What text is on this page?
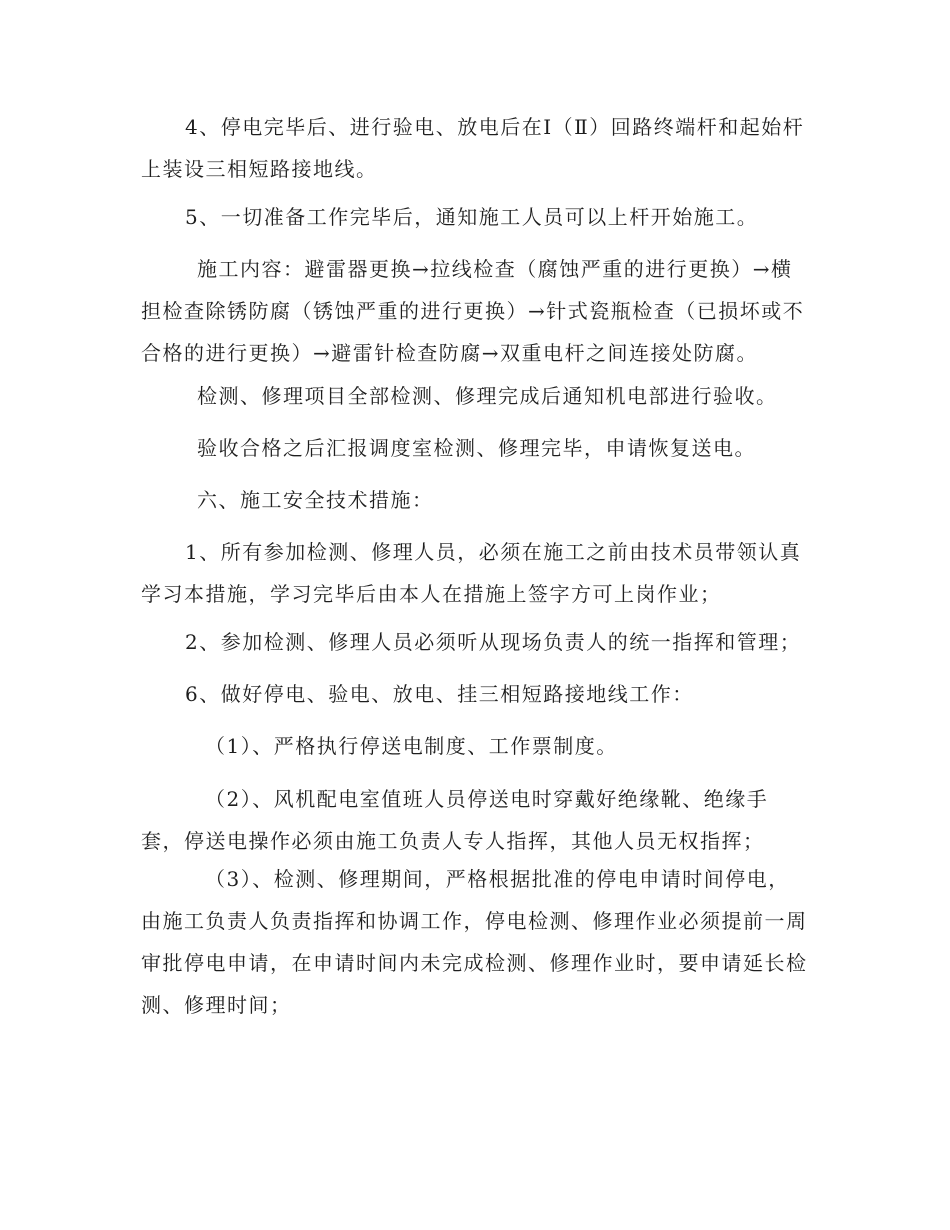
4、停电完毕后、进行验电、放电后在Ⅰ（Ⅱ）回路终端杆和起始杆上装设三相短路接地线。

5、一切准备工作完毕后，通知施工人员可以上杆开始施工。

施工内容：避雷器更换→拉线检查（腐蚀严重的进行更换）→横担检查除锈防腐（锈蚀严重的进行更换）→针式瓷瓶检查（已损坏或不合格的进行更换）→避雷针检查防腐→双重电杆之间连接处防腐。

检测、修理项目全部检测、修理完成后通知机电部进行验收。

验收合格之后汇报调度室检测、修理完毕，申请恢复送电。

六、施工安全技术措施：

1、所有参加检测、修理人员，必须在施工之前由技术员带领认真学习本措施，学习完毕后由本人在措施上签字方可上岗作业；

2、参加检测、修理人员必须听从现场负责人的统一指挥和管理；

6、做好停电、验电、放电、挂三相短路接地线工作：

（1）、严格执行停送电制度、工作票制度。

（2）、风机配电室值班人员停送电时穿戴好绝缘靴、绝缘手套，停送电操作必须由施工负责人专人指挥，其他人员无权指挥；

（3）、检测、修理期间，严格根据批准的停电申请时间停电，由施工负责人负责指挥和协调工作，停电检测、修理作业必须提前一周审批停电申请，在申请时间内未完成检测、修理作业时，要申请延长检测、修理时间；
